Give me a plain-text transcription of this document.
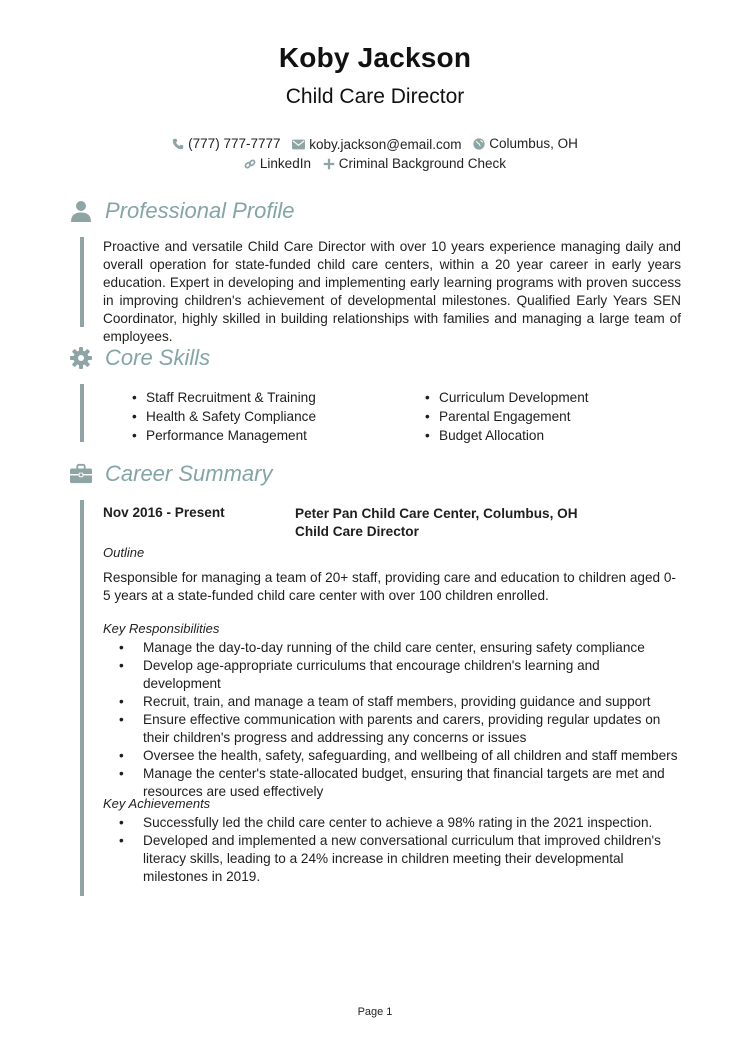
Koby Jackson
Child Care Director
(777) 777-7777
koby.jackson@email.com
Columbus, OH
LinkedIn
Criminal Background Check
Professional Profile
Proactive and versatile Child Care Director with over 10 years experience managing daily and overall operation for state-funded child care centers, within a 20 year career in early years education. Expert in developing and implementing early learning programs with proven success in improving children's achievement of developmental milestones. Qualified Early Years SEN Coordinator, highly skilled in building relationships with families and managing a large team of employees.
Core Skills
• Staff Recruitment & Training
• Health & Safety Compliance
• Performance Management
• Curriculum Development
• Parental Engagement
• Budget Allocation
Career Summary
Nov 2016 - Present	Peter Pan Child Care Center, Columbus, OH
Child Care Director
Outline
Responsible for managing a team of 20+ staff, providing care and education to children aged 0-5 years at a state-funded child care center with over 100 children enrolled.
Key Responsibilities
• Manage the day-to-day running of the child care center, ensuring safety compliance
• Develop age-appropriate curriculums that encourage children's learning and development
• Recruit, train, and manage a team of staff members, providing guidance and support
• Ensure effective communication with parents and carers, providing regular updates on their children's progress and addressing any concerns or issues
• Oversee the health, safety, safeguarding, and wellbeing of all children and staff members
• Manage the center's state-allocated budget, ensuring that financial targets are met and resources are used effectively
Key Achievements
• Successfully led the child care center to achieve a 98% rating in the 2021 inspection.
• Developed and implemented a new conversational curriculum that improved children's literacy skills, leading to a 24% increase in children meeting their developmental milestones in 2019.
Page 1
